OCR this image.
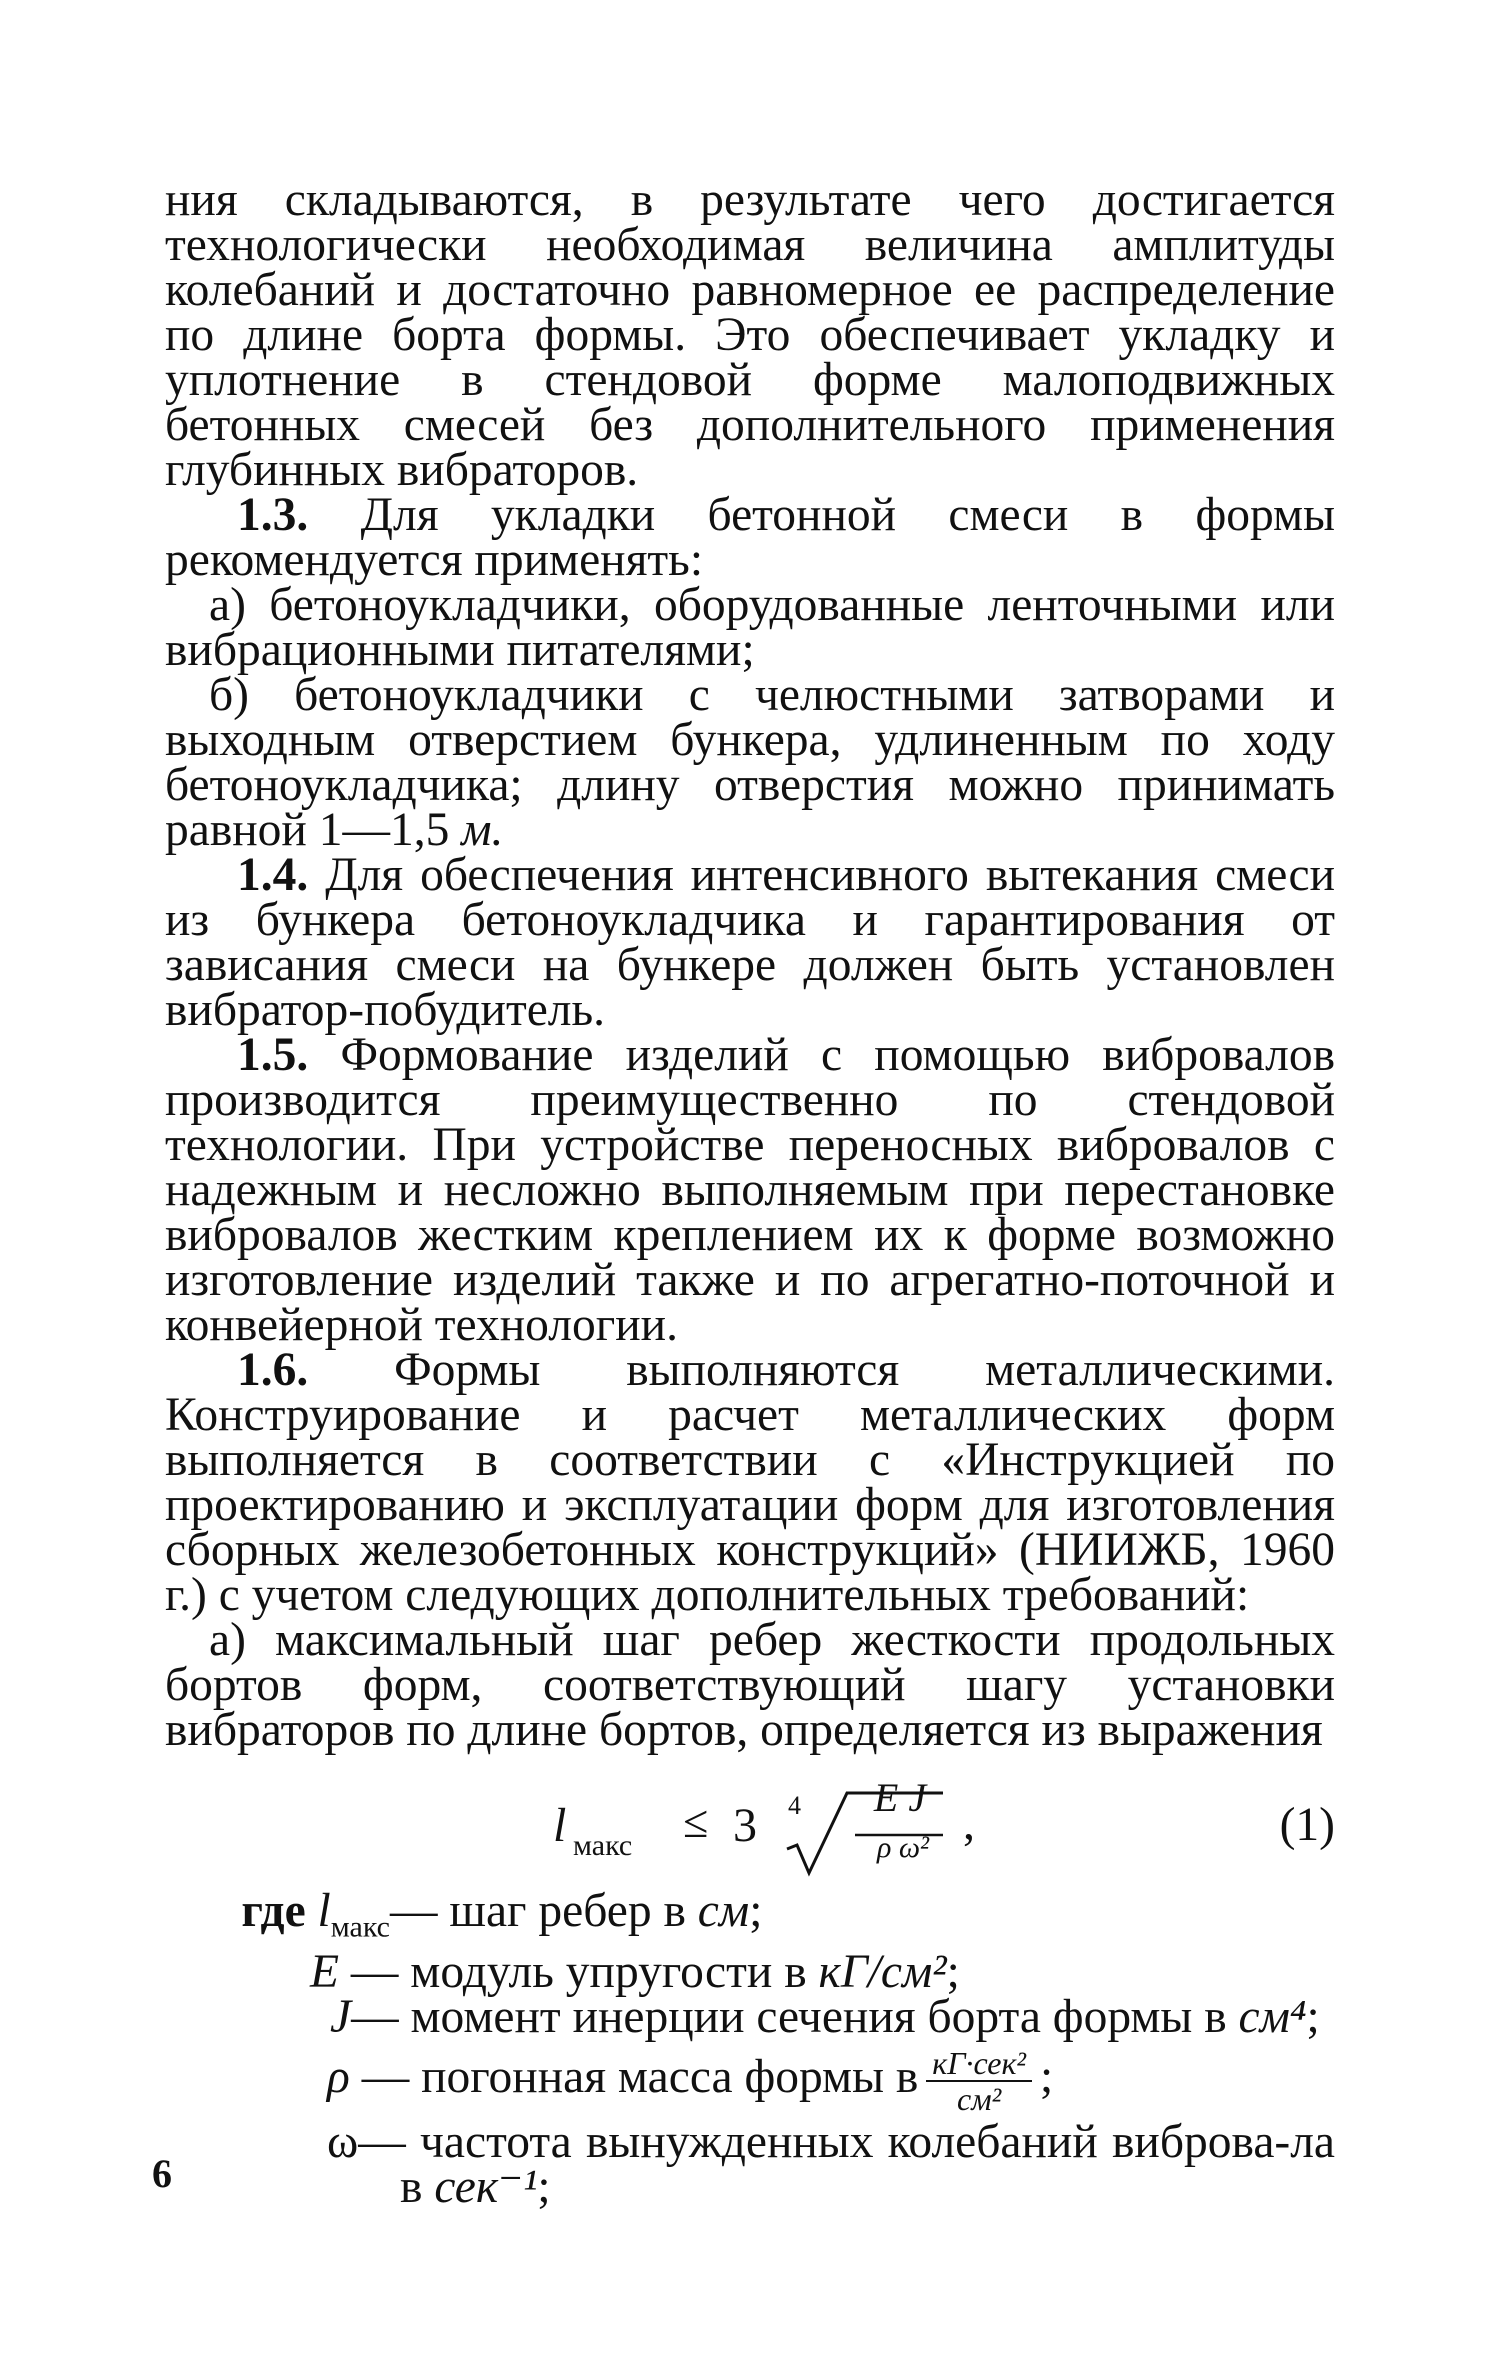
ния складываются, в результате чего достигается технологически необходимая величина амплитуды колебаний и достаточно равномерное ее распределение по длине борта формы. Это обеспечивает укладку и уплотнение в стендовой форме малоподвижных бетонных смесей без дополнительного применения глубинных вибраторов.

1.3. Для укладки бетонной смеси в формы рекомендуется применять:

а) бетоноукладчики, оборудованные ленточными или вибрационными питателями;

б) бетоноукладчики с челюстными затворами и выходным отверстием бункера, удлиненным по ходу бетоноукладчика; длину отверстия можно принимать равной 1—1,5 м.

1.4. Для обеспечения интенсивного вытекания смеси из бункера бетоноукладчика и гарантирования от зависания смеси на бункере должен быть установлен вибратор-побудитель.

1.5. Формование изделий с помощью вибровалов производится преимущественно по стендовой технологии. При устройстве переносных вибровалов с надежным и несложно выполняемым при перестановке вибровалов жестким креплением их к форме возможно изготовление изделий также и по агрегатно-поточной и конвейерной технологии.

1.6. Формы выполняются металлическими. Конструирование и расчет металлических форм выполняется в соответствии с «Инструкцией по проектированию и эксплуатации форм для изготовления сборных железобетонных конструкций» (НИИЖБ, 1960 г.) с учетом следующих дополнительных требований:

а) максимальный шаг ребер жесткости продольных бортов форм, соответствующий шагу установки вибраторов по длине бортов, определяется из выражения

l макс ≤ 3 4	E J
ρ ω² ,	(1)

где $l_{макс}—$ шаг ребер в см;

E — модуль упругости в кГ/см²;

J— момент инерции сечения борта формы в см⁴;

ρ — погонная масса формы в $\frac{\text{кГ·сек²}}{\text{см²}}$ ;

ω— частота вынужденных колебаний виброва-ла в сек⁻¹;

6
